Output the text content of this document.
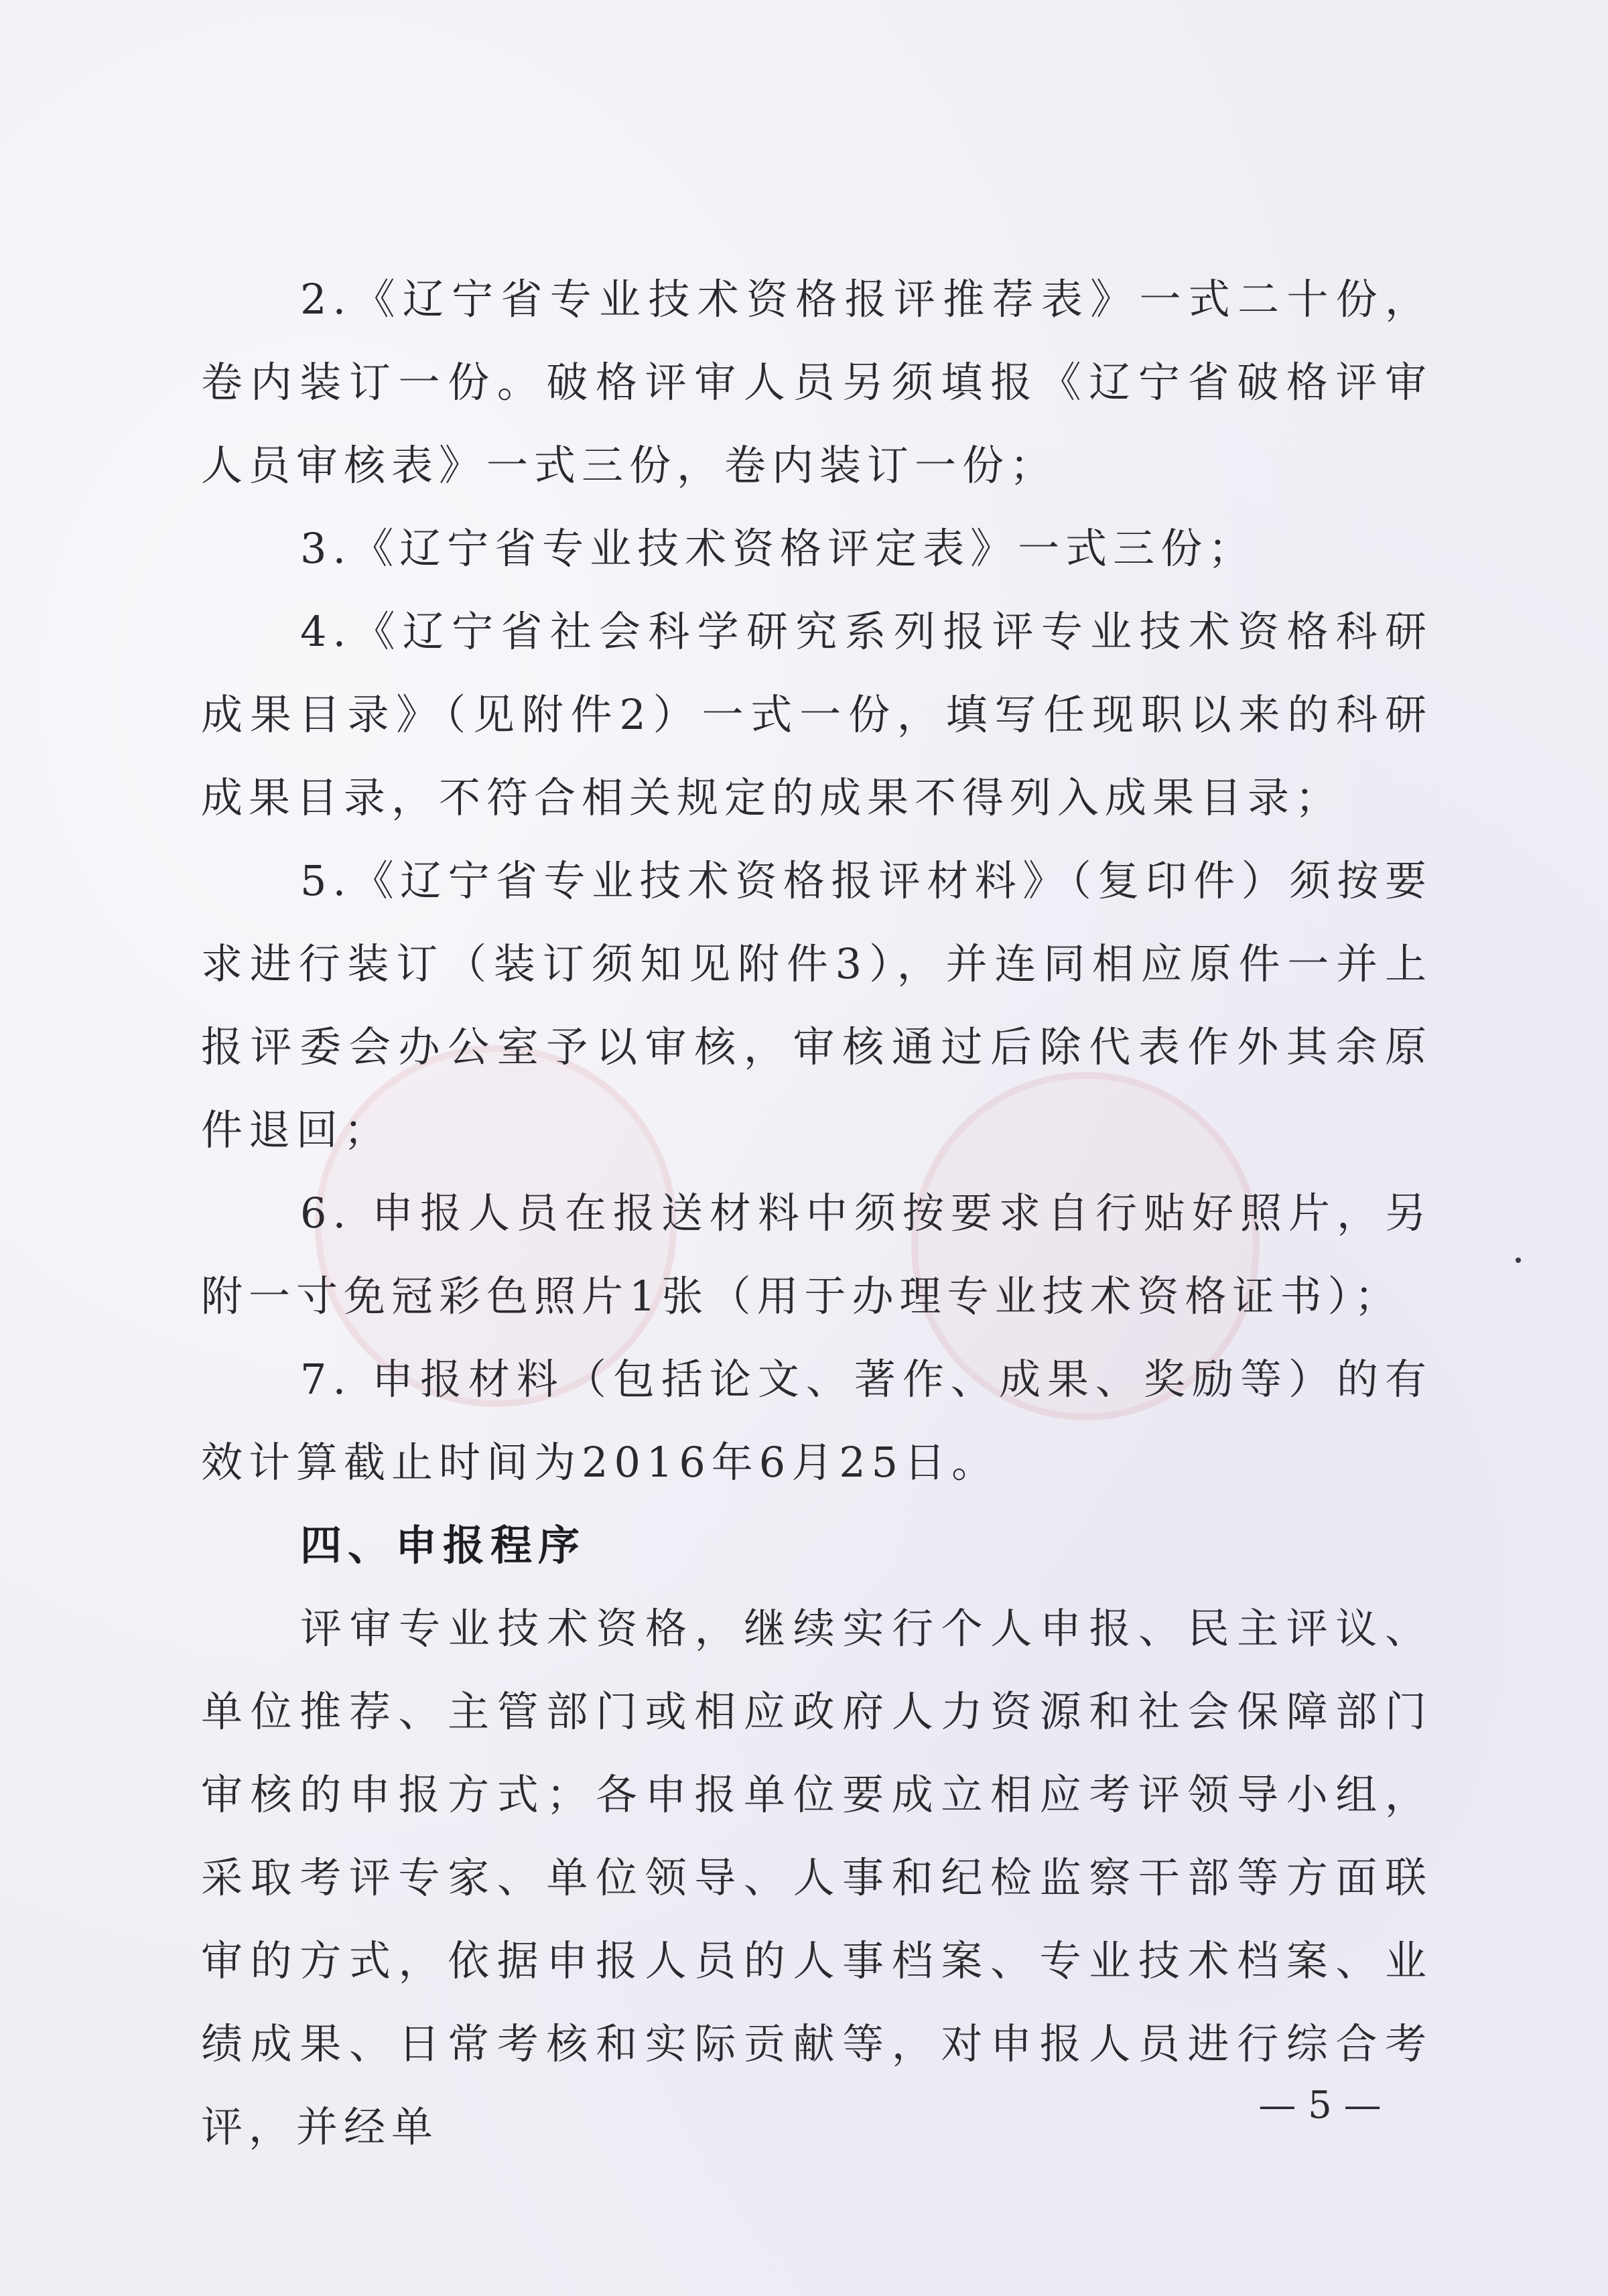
2.《辽宁省专业技术资格报评推荐表》一式二十份，卷内装订一份。破格评审人员另须填报《辽宁省破格评审人员审核表》一式三份，卷内装订一份；

3.《辽宁省专业技术资格评定表》一式三份；

4.《辽宁省社会科学研究系列报评专业技术资格科研成果目录》（见附件2）一式一份，填写任现职以来的科研成果目录，不符合相关规定的成果不得列入成果目录；

5.《辽宁省专业技术资格报评材料》（复印件）须按要求进行装订（装订须知见附件3），并连同相应原件一并上报评委会办公室予以审核，审核通过后除代表作外其余原件退回；

6. 申报人员在报送材料中须按要求自行贴好照片，另附一寸免冠彩色照片1张（用于办理专业技术资格证书）；

7. 申报材料（包括论文、著作、成果、奖励等）的有效计算截止时间为2016年6月25日。

四、申报程序

评审专业技术资格，继续实行个人申报、民主评议、单位推荐、主管部门或相应政府人力资源和社会保障部门审核的申报方式；各申报单位要成立相应考评领导小组，采取考评专家、单位领导、人事和纪检监察干部等方面联审的方式，依据申报人员的人事档案、专业技术档案、业绩成果、日常考核和实际贡献等，对申报人员进行综合考评，并经单	— 5 —
